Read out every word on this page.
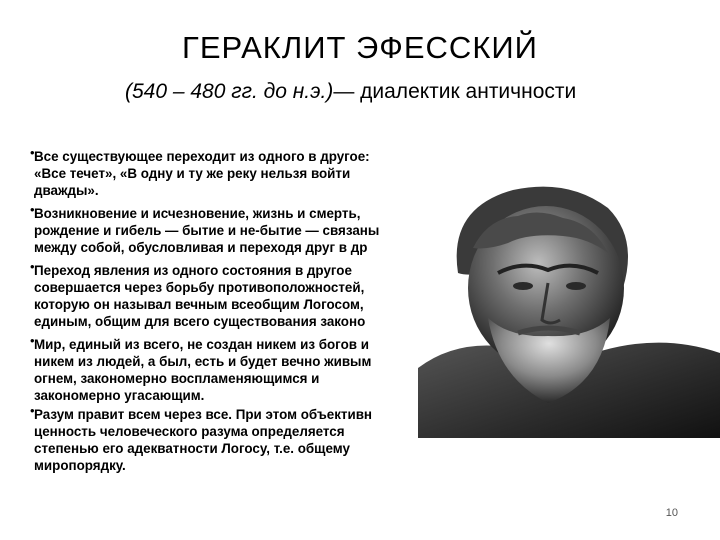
ГЕРАКЛИТ ЭФЕССКИЙ
(540 – 480 гг. до н.э.)— диалектик античности
• Все существующее переходит из одного в другое:
«Все течет», «В одну и ту же реку нельзя войти
дважды».
• Возникновение и исчезновение, жизнь и смерть,
рождение и гибель — бытие и не-бытие — связаны
между собой, обусловливая и переходя друг в др
• Переход явления из одного состояния в другое
совершается через борьбу противоположностей,
которую он называл вечным всеобщим Логосом,
единым, общим для всего существования законо
• Мир, единый из всего, не создан никем из богов и
никем из людей, а был, есть и будет вечно живым
огнем, закономерно воспламеняющимся и
закономерно угасающим.
• Разум правит всем через все. При этом объективн
ценность человеческого разума определяется
степенью его адекватности Логосу, т.е. общему
миропорядку.
10
